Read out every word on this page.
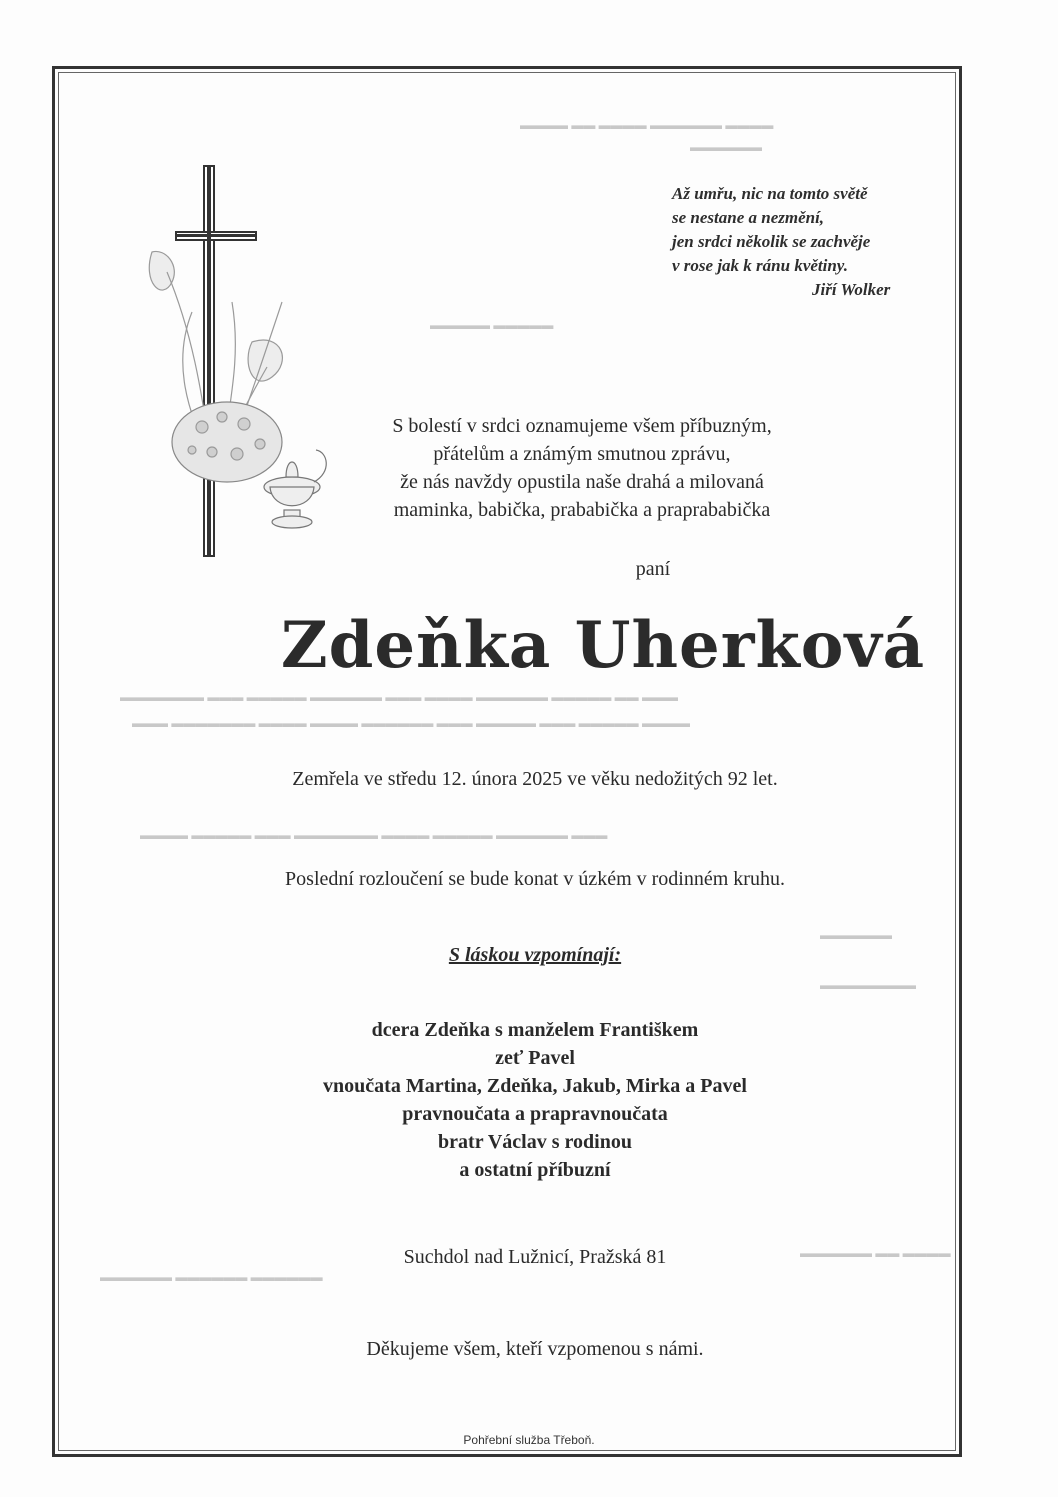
▬▬▬▬ ▬▬ ▬▬▬▬ ▬▬▬▬▬▬ ▬▬▬▬
▬▬▬▬▬▬
▬▬▬▬▬ ▬▬▬▬▬
▬▬▬▬▬▬▬ ▬▬▬ ▬▬▬▬▬ ▬▬▬▬▬▬ ▬▬▬ ▬▬▬▬ ▬▬▬▬▬▬ ▬▬▬▬▬ ▬▬ ▬▬▬
▬▬▬ ▬▬▬▬▬▬▬ ▬▬▬▬ ▬▬▬▬ ▬▬▬▬▬▬ ▬▬▬ ▬▬▬▬▬ ▬▬▬ ▬▬▬▬▬ ▬▬▬▬
▬▬▬▬ ▬▬▬▬▬ ▬▬▬ ▬▬▬▬▬▬▬ ▬▬▬▬ ▬▬▬▬▬ ▬▬▬▬▬▬ ▬▬▬
▬▬▬▬▬▬
▬▬▬▬▬▬▬▬
▬▬▬▬▬▬ ▬▬ ▬▬▬▬
▬▬▬▬▬▬ ▬▬▬▬▬▬ ▬▬▬▬▬▬
Až umřu, nic na tomto světě
se nestane a nezmění,
jen srdci několik se zachvěje
v rose jak k ránu květiny.
Jiří Wolker
S bolestí v srdci oznamujeme všem příbuzným,
přátelům a známým smutnou zprávu,
že nás navždy opustila naše drahá a milovaná
maminka, babička, prababička a praprababička
paní
Zdeňka Uherková
Zemřela ve středu 12. února 2025 ve věku nedožitých 92 let.
Poslední rozloučení se bude konat v úzkém v rodinném kruhu.
S láskou vzpomínají:
dcera Zdeňka s manželem Františkem
zeť Pavel
vnoučata Martina, Zdeňka, Jakub, Mirka a Pavel
pravnoučata a prapravnoučata
bratr Václav s rodinou
a ostatní příbuzní
Suchdol nad Lužnicí, Pražská 81
Děkujeme všem, kteří vzpomenou s námi.
Pohřební služba Třeboň.
